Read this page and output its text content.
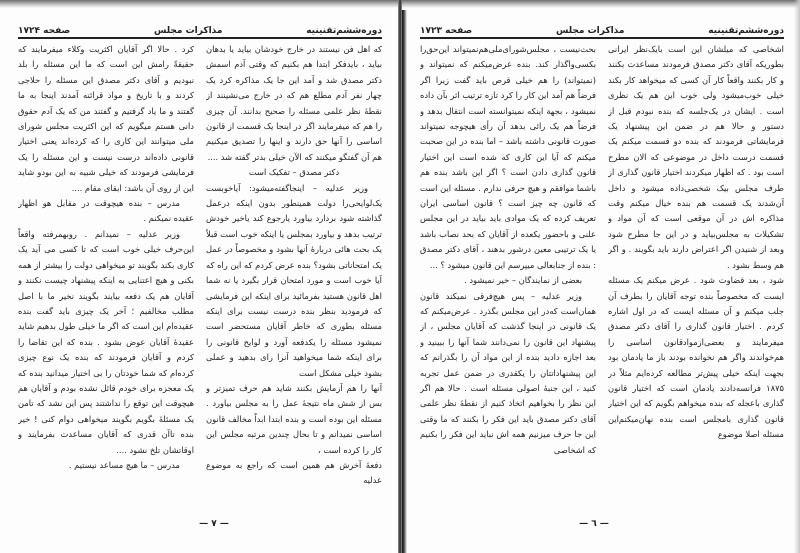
دوره‌ششم‌تقنینیه
مذاکرات مجلس
صفحه ۱۷۲۴

که اهل فن نیستند در خارج خودشان بیاید یا بدهان بیاید ، بایدفکر ابتدا هم بکنیم که وقتی آدم اسمش دکتر مصدق شد و آمد این جا یک مذاکره کرد یک چهار نفر آدم مطلع هم که در خارج می‌نشینند از نقطهٔ نظر علمی مسئله را صحیح بدانند. آن چیزی را هم که میفرمایند اگر در اینجا یک قسمت از قانون اساسی را آنها حق دارند و اینها را تصدیق میکنیم هم آن گفتگو میکنند که الآن خیلی بدتر گفته شد ....

دکتر مصدق – تفکیک است

وزیر عدلیه – اینجاگفته‌میشود: آیاخوبست یک‌لوایحی‌را دولت همینطور بدون اینکه درعمل گذاشته شود بردارد بیاورد یا‌رجوع کند یاخیر خودش ترتیب بدهد و بیاورد بمجلس یا اینکه خوب است قبلاً یک بحث هائی دربارهٔ آنها بشود و مخصوصاً در عمل یک امتحاناتی بشود؟ بنده عرض کردم که این راه که آیا خوب است و مورد امتحان قرار بگیرد یا نه شما اهل قانون هستید بفرمائید برای اینکه این فرمایشی که فرمودید بنظر بنده درست نیست برای اینکه مسئله بطوری که خاطر آقایان مستحضر است نمیشود مسئله را یکدفعه آورد و لوایح قانونی را برای اینکه شما میخواهید آنرا رای بدهید و عملی بشود خیلی مشکل است

آنها را هم آزمایش بکنند شاید هم حرف تمیزتر و بس از شش ماه نتیجهٔ عمل را به مجلس بیاورد . مسئله این بوده است و بنده ابتدا ابداً مخالف قانون اساسی نمیدانم و تا بحال چندین مرتبه مجلس این کار را کرده است ،

دفعهٔ آخرش هم همین است که راجع به موضوع عدلیه

کرد . حالا اگر آقایان اکثریت وکلاء میفرمایند که حقیقةً رامش این است که ما این مسئله را بلد نبودیم و آقای دکتر مصدق این مسئله را حلاجی کردند و با تاریخ و مواد قرائنه آمدند اینجا به ما گفتند و ما یاد گرفتیم و گفتند من که یک آدم حقوق دانی هستم میگویم که این اکثریت مجلس شورای ملی میتوانند این کاری را که کرده‌اند یعنی اختیار قانونی داده‌اند درست نیست و این مسئله را یک فرمایشی فرمودند که خیلی شبیه به این بودو شاید این از روی آن باشد: ابقای مقام ....

مدرس – بنده هیچوقت در مقابل هو اظهار عقیده نمیکنم .

وزیر عدلیه – نمیدانم . روبهمرفته واقعاً این‌حرف خیلی خوب است که تا کسی می آید یک کاری بکند بگویند تو میخواهی دولت را بیشتر از همه بکنی و هیچ اعتنایی به اینکه پیشنهاد چیست نکنند و آقایان هم یک دفعه بیایند بگویند نخیر ما با اصل مطلب مخالفیم ؛ آخر یک چیزی باید گفت بنده عقیده‌ام این است که اگر ما خیلی طول بدهیم شاید عقیدهٔ آقایان عوض بشود . بنده که این تقاضا را کردم و آقایان فرمودند که بنده یک نوع چیزی کرده‌ام که شما خودتان را بی اختیار میدانید بنده که یک معجزه برای خودم قائل نشده بودم و آقایان هم هیچوقت این توقع را نداشتند پس این نشد که تامن یک مسئلهٔ بگویم بگویند میخواهی دوام کنی ! خیر بنده تاآن قدری که آقایان مساعدت بفرمایند و اوقاتشان تلخ نشود ....

مدرس – ما هیچ مساعد نیستیم .

— ۷ —
دوره‌ششم‌تقنینیه
مذاکرات مجلس
صفحه ۱۷۲۳

اشخاصی که میلشان این است بایک‌نظر ایرانی بطوریکه آقای دکتر مصدق فرمودند مساعدت بکنند و کار بکنند واقعاً کار آن کسی که میخواهد کار بکند خیلی خوب‌میشود ولی خوب این هم یک نظری است . ایشان در یک‌جلسه که بنده نبودم قبل از دستور و حالا هم در ضمن این پیشنهاد یک فرمایشاتی فرمودند که بنده دو قسمت میکنم یک قسمت درست داخل در موضوعی که الان مطرح است بود . که اظهار میکردند اختیار قانون گذاری از طرف مجلس بیک شخصی‌داده میشود و داخل آن‌شدند یک قسمت هم بنده خیال میکنم وقت مذاکره اش در آن موقعی است که آن مواد و تشکیلات به مجلس‌بیاید و در این جا مطرح شود وبعد از شنیدن اگر اعتراض دارند باید بگویند . و اگر هم وسط بشود .

شود ، بعد قضاوت شود . عرض میکنم یک مسئله ایست که مخصوصاً بنده توجه آقایان را بطرف آن جلب میکنم و آن مسئله ایست که در اول اشاره کردم . اختیار قانون گذاری را آقای دکتر مصدق میفرمایند و بعضی‌از‌موادقانون اساسی را هم‌خواندند واگر هم نخوانده بودند باز ما یادمان بود بجهت اینکه خیلی پیش‌تر مطالعه کرده‌ایم مثلاً در ۱۸۷۵ فرانسه‌دادند یادمان است که اختیار قانون گذاری باعجله که بنده میخواهم بگویم که این اختیار قانون گذاری با‌مجلس است بنده نهان‌میکنم‌این مسئله اصلا موضوع

بحث‌نیست ، مجلس‌شورای‌ملی‌هم‌نمیتواند این‌حق‌را بکسی‌واگذار کند. بنده عرض‌میکنم که نمیتواند و (نمیتواند) را هم خیلی قرص باید گفت زیرا اگر فرضاً هم آمد این کار را کرد تازه ترتیب اثر بآن داده نمیشود ، بجهة اینکه نمیتوانسته است انتقال بدهد و فرضاً هم یک رائی بدهد آن رأی هیچوجه نمیتواند صورت قانونی داشته باشد – اما بنده در این صحبت میکنم که آیا این کاری که شده است این اختیار قانون گذاری دادن است ؟ اگر این باشد بنده هم باشما موافقم و هیچ حرفی ندارم . مسئله این است که قانون چه چیز است ؟ قانون اساسی ایران تعریف کرده که یک موادی باید بیاید در این مجلس علنی و باحضور یکعده از آقایان که بحد نصاب باشد یا یک ترتیبی معین درشور بدهند ، آقای دکتر مصدق : بنده از جنابعالی میپرسم این قانون میشود ؟ ...

بعضی از نمایندگان – خیر نمیشود .

وزیر عدلیه – پس هیچ‌فرقی نمیکند قانون همان‌است که‌در این مجلس بگذرد . عرض‌میکنم که یک قانونی در اینجا گذشت که آقایان مجلس ، از پیشنهاد این قانون را نمی‌دانند شما آنها را ببینید و بعد اجازه دادید بنده از این مواد آن را بگذرانم که این پیشنهاداتتان را یکقدری در ضمن عمل تجربه کنید ، این جنبهٔ اصولی مسئله است . حالا هم اگر این نظر را بخواهیم اتخاذ کنیم از نقطهٔ نظر علمی آقای دکتر مصدق باید این فکر را بکنند که ما وقتی این جا حرف میزنیم همه اش نباید این فکر را بکنیم که اشخاصی

— ٦ —
